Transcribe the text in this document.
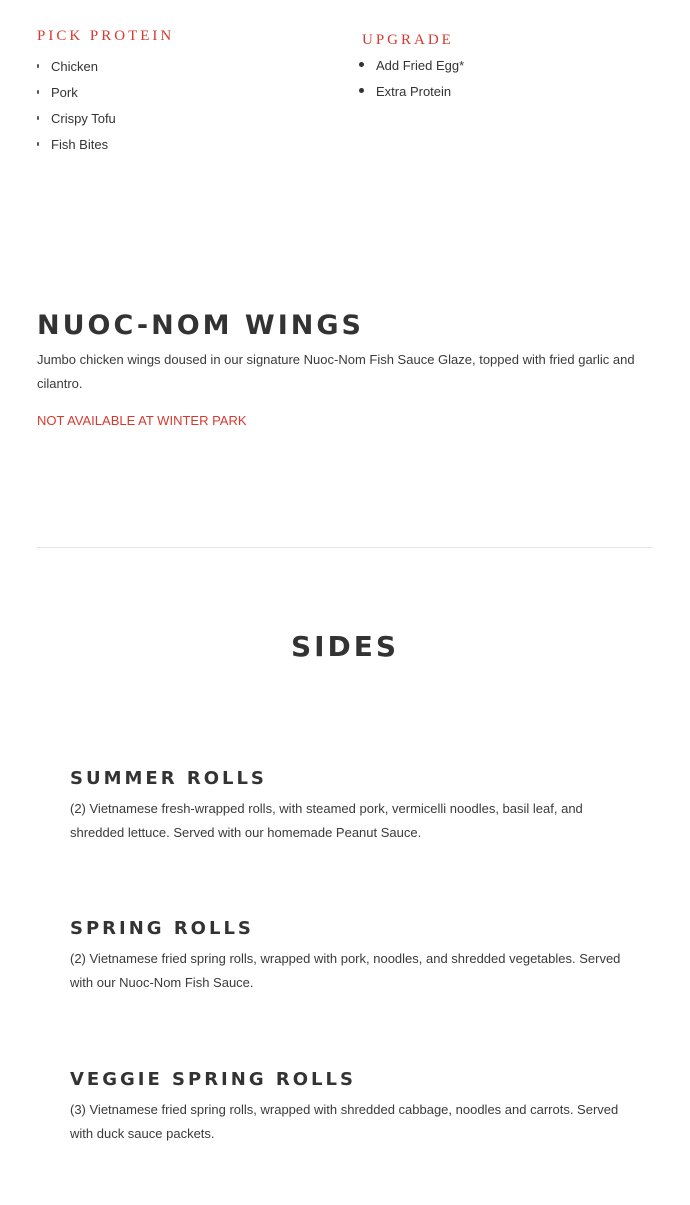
PICK PROTEIN
Chicken
Pork
Crispy Tofu
Fish Bites
UPGRADE
Add Fried Egg*
Extra Protein
NUOC-NOM WINGS

Jumbo chicken wings doused in our signature Nuoc-Nom Fish Sauce Glaze, topped with fried garlic and cilantro.

NOT AVAILABLE AT WINTER PARK

SIDES
SUMMER ROLLS

(2) Vietnamese fresh-wrapped rolls, with steamed pork, vermicelli noodles, basil leaf, and shredded lettuce. Served with our homemade Peanut Sauce.

SPRING ROLLS

(2) Vietnamese fried spring rolls, wrapped with pork, noodles, and shredded vegetables. Served with our Nuoc-Nom Fish Sauce.

VEGGIE SPRING ROLLS

(3) Vietnamese fried spring rolls, wrapped with shredded cabbage, noodles and carrots. Served with duck sauce packets.
